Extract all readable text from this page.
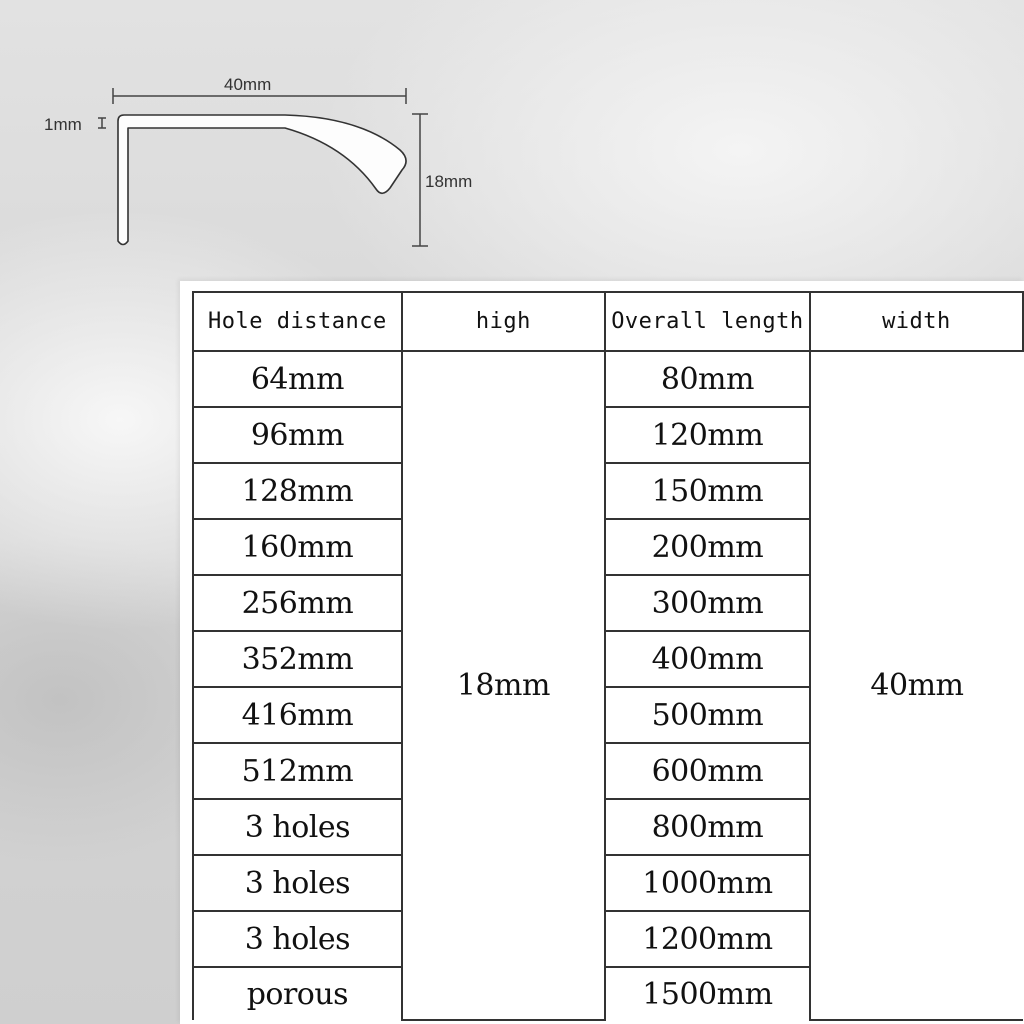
40mm
1mm
18mm
Hole distance	high	Overall length	width
64mm	18mm	80mm	40mm
96mm		120mm	
128mm		150mm	
160mm		200mm	
256mm		300mm	
352mm		400mm	
416mm		500mm	
512mm		600mm	
3 holes		800mm	
3 holes		1000mm	
3 holes		1200mm	
porous		1500mm	
